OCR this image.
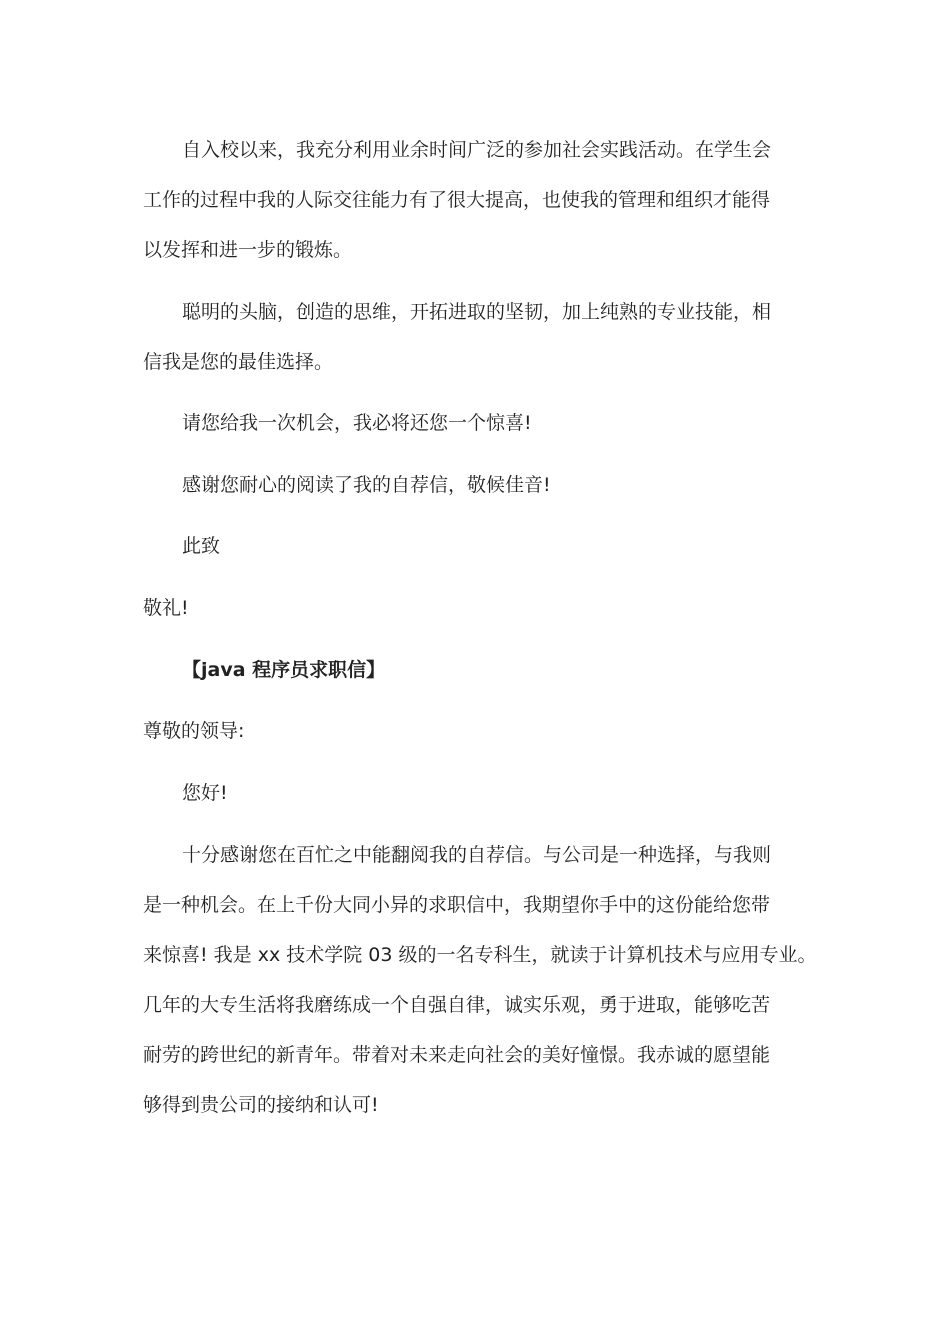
自入校以来，我充分利用业余时间广泛的参加社会实践活动。在学生会
工作的过程中我的人际交往能力有了很大提高，也使我的管理和组织才能得
以发挥和进一步的锻炼。
聪明的头脑，创造的思维，开拓进取的坚韧，加上纯熟的专业技能，相
信我是您的最佳选择。
请您给我一次机会，我必将还您一个惊喜!
感谢您耐心的阅读了我的自荐信，敬候佳音!
此致
敬礼!
【java 程序员求职信】
尊敬的领导:
您好!
十分感谢您在百忙之中能翻阅我的自荐信。与公司是一种选择，与我则
是一种机会。在上千份大同小异的求职信中，我期望你手中的这份能给您带
来惊喜! 我是 xx 技术学院 03 级的一名专科生，就读于计算机技术与应用专业。
几年的大专生活将我磨练成一个自强自律，诚实乐观，勇于进取，能够吃苦
耐劳的跨世纪的新青年。带着对未来走向社会的美好憧憬。我赤诚的愿望能
够得到贵公司的接纳和认可!
